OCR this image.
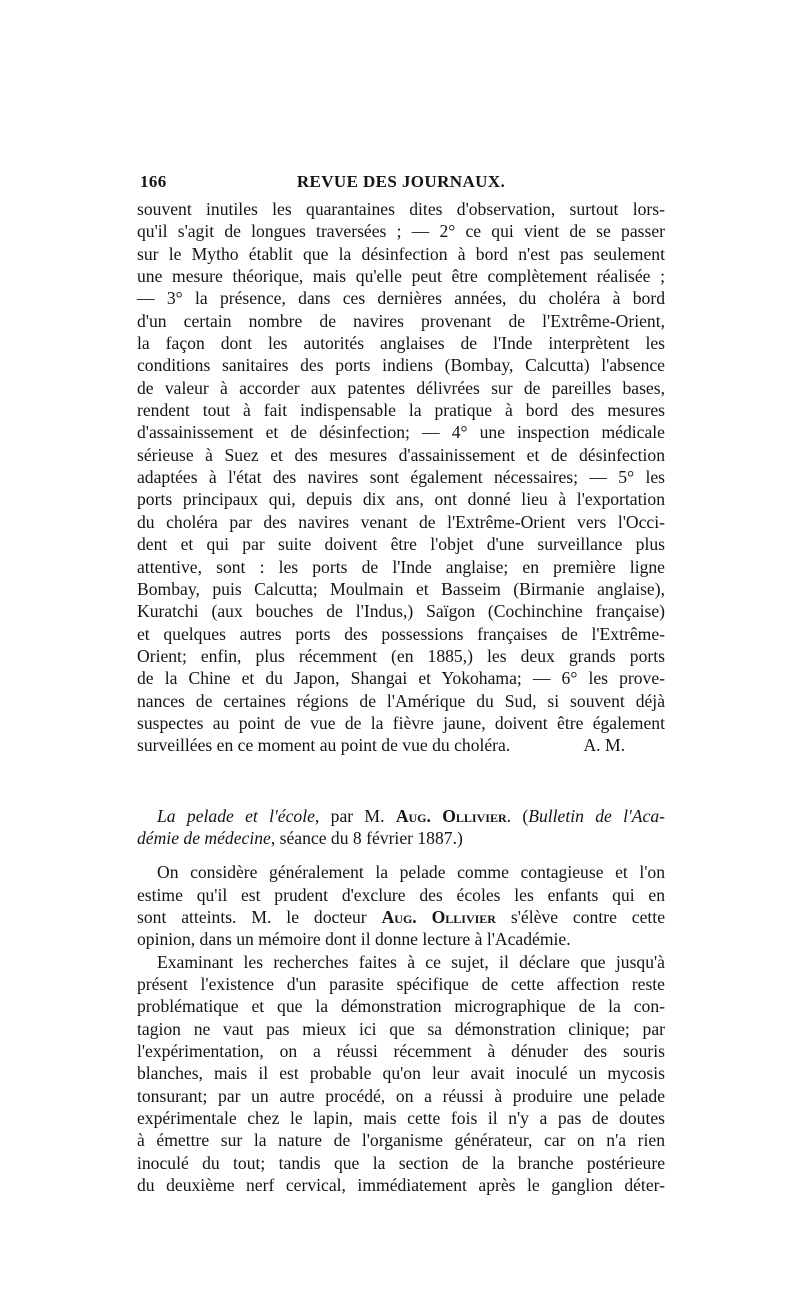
166	REVUE DES JOURNAUX.
souvent inutiles les quarantaines dites d'observation, surtout lors-
qu'il s'agit de longues traversées ; — 2° ce qui vient de se passer
sur le Mytho établit que la désinfection à bord n'est pas seulement
une mesure théorique, mais qu'elle peut être complètement réalisée ;
— 3° la présence, dans ces dernières années, du choléra à bord
d'un certain nombre de navires provenant de l'Extrême-Orient,
la façon dont les autorités anglaises de l'Inde interprètent les
conditions sanitaires des ports indiens (Bombay, Calcutta) l'absence
de valeur à accorder aux patentes délivrées sur de pareilles bases,
rendent tout à fait indispensable la pratique à bord des mesures
d'assainissement et de désinfection; — 4° une inspection médicale
sérieuse à Suez et des mesures d'assainissement et de désinfection
adaptées à l'état des navires sont également nécessaires; — 5° les
ports principaux qui, depuis dix ans, ont donné lieu à l'exportation
du choléra par des navires venant de l'Extrême-Orient vers l'Occi-
dent et qui par suite doivent être l'objet d'une surveillance plus
attentive, sont : les ports de l'Inde anglaise; en première ligne
Bombay, puis Calcutta; Moulmain et Basseim (Birmanie anglaise),
Kuratchi (aux bouches de l'Indus,) Saïgon (Cochinchine française)
et quelques autres ports des possessions françaises de l'Extrême-
Orient; enfin, plus récemment (en 1885,) les deux grands ports
de la Chine et du Japon, Shangai et Yokohama; — 6° les prove-
nances de certaines régions de l'Amérique du Sud, si souvent déjà
suspectes au point de vue de la fièvre jaune, doivent être également
surveillées en ce moment au point de vue du choléra.	A. M.
La pelade et l'école, par M. Aug. Ollivier. (Bulletin de l'Aca-
démie de médecine, séance du 8 février 1887.)
On considère généralement la pelade comme contagieuse et l'on
estime qu'il est prudent d'exclure des écoles les enfants qui en
sont atteints. M. le docteur Aug. Ollivier s'élève contre cette
opinion, dans un mémoire dont il donne lecture à l'Académie.
Examinant les recherches faites à ce sujet, il déclare que jusqu'à
présent l'existence d'un parasite spécifique de cette affection reste
problématique et que la démonstration micrographique de la con-
tagion ne vaut pas mieux ici que sa démonstration clinique; par
l'expérimentation, on a réussi récemment à dénuder des souris
blanches, mais il est probable qu'on leur avait inoculé un mycosis
tonsurant; par un autre procédé, on a réussi à produire une pelade
expérimentale chez le lapin, mais cette fois il n'y a pas de doutes
à émettre sur la nature de l'organisme générateur, car on n'a rien
inoculé du tout; tandis que la section de la branche postérieure
du deuxième nerf cervical, immédiatement après le ganglion déter-
